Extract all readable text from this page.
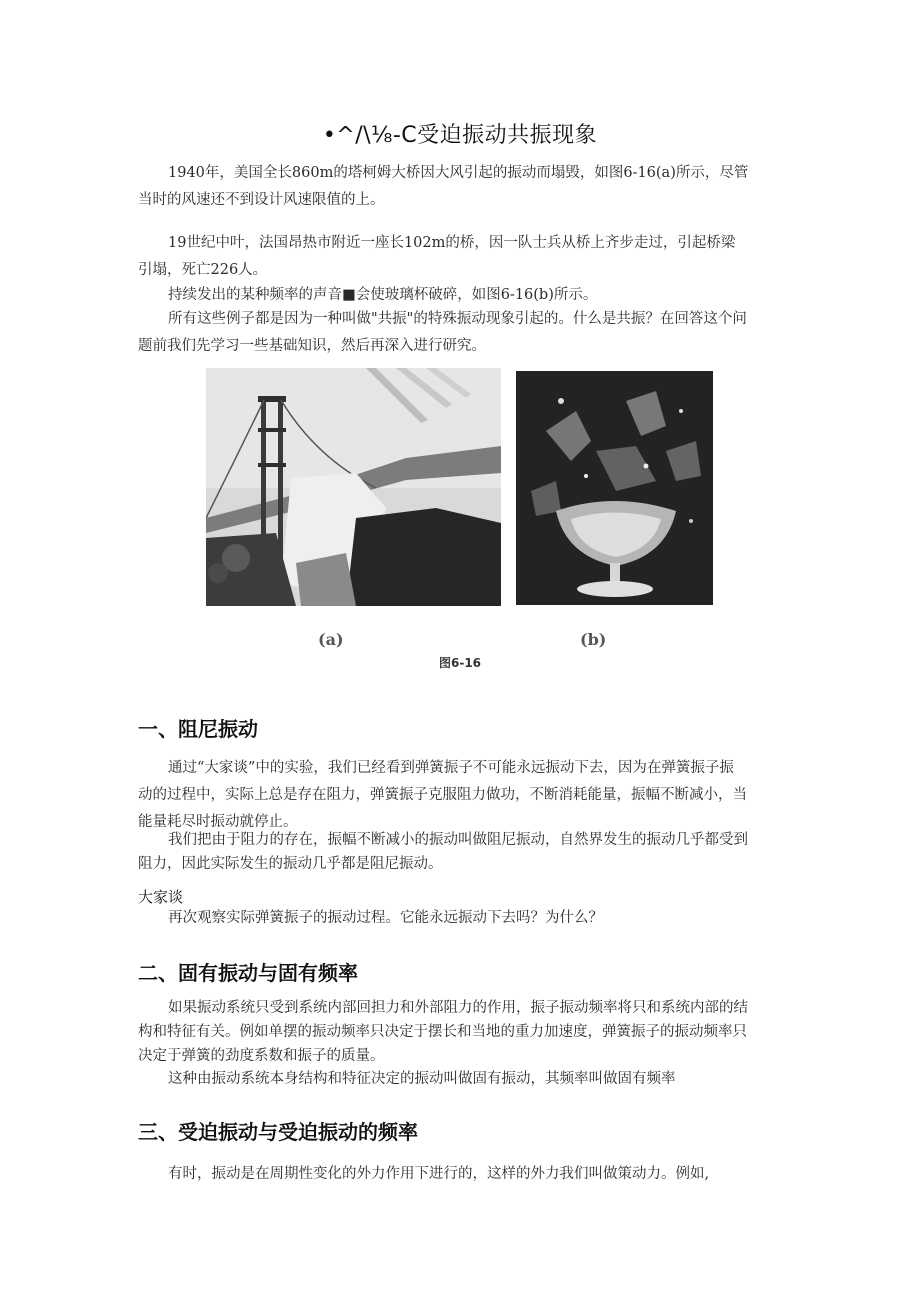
•^/\⅛-C受迫振动共振现象

1940年，美国全长860m的塔柯姆大桥因大风引起的振动而塌毁，如图6-16(a)所示，尽管
当时的风速还不到设计风速限值的上。

19世纪中叶，法国昂热市附近一座长102m的桥，因一队士兵从桥上齐步走过，引起桥梁
引塌，死亡226人。

持续发出的某种频率的声音■会使玻璃杯破碎，如图6-16(b)所示。

所有这些例子都是因为一种叫做"共振"的特殊振动现象引起的。什么是共振？在回答这个问
题前我们先学习一些基础知识，然后再深入进行研究。

(a)	(b)
图6-16
一、阻尼振动

通过“大家谈”中的实验，我们已经看到弹簧振子不可能永远振动下去，因为在弹簧振子振
动的过程中，实际上总是存在阻力，弹簧振子克服阻力做功，不断消耗能量，振幅不断减小，当
能量耗尽时振动就停止。

我们把由于阻力的存在，振幅不断减小的振动叫做阻尼振动，自然界发生的振动几乎都受到
阻力，因此实际发生的振动几乎都是阻尼振动。

大家谈

再次观察实际弹簧振子的振动过程。它能永远振动下去吗？为什么？

二、固有振动与固有频率

如果振动系统只受到系统内部回担力和外部阻力的作用，振子振动频率将只和系统内部的结
构和特征有关。例如单摆的振动频率只决定于摆长和当地的重力加速度，弹簧振子的振动频率只
决定于弹簧的劲度系数和振子的质量。

这种由振动系统本身结构和特征决定的振动叫做固有振动，其频率叫做固有频率

三、受迫振动与受迫振动的频率

有时，振动是在周期性变化的外力作用下进行的，这样的外力我们叫做策动力。例如,
